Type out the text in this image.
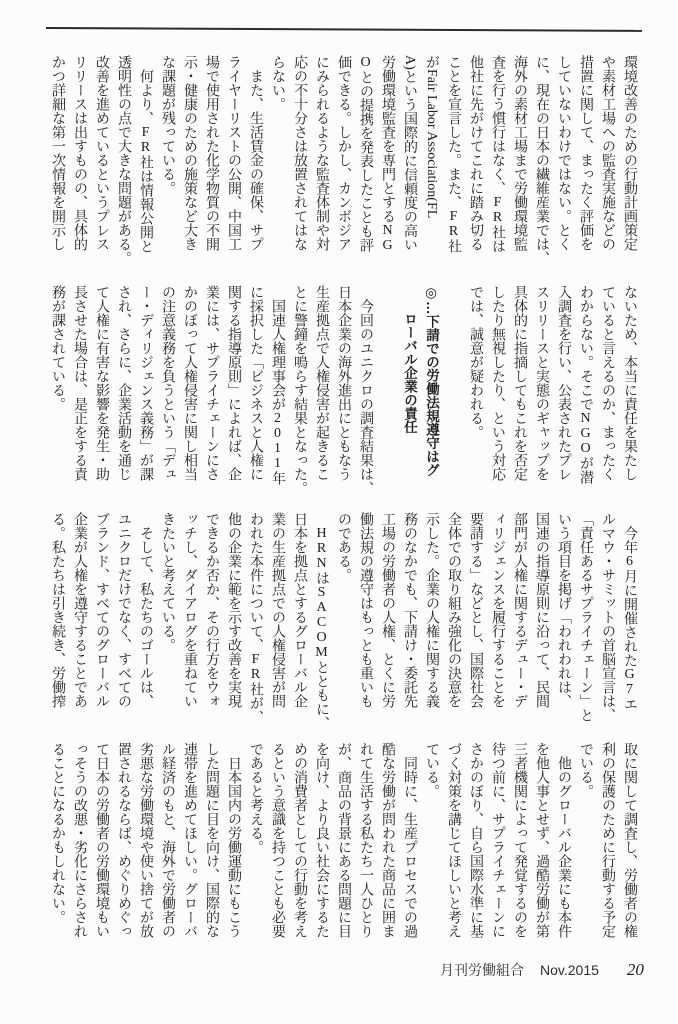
環境改善のための行動計画策定
や素材工場への監査実施などの
措置に関して、まったく評価を
していないわけではない。とく
に、現在の日本の繊維産業では、
海外の素材工場まで労働環境監
査を行う慣行はなく、FR社は
他社に先がけてこれに踏み切る
ことを宣言した。また、FR社
がFair Labor Association(FL
A)という国際的に信頼度の高い
労働環境監査を専門とするNG
Oとの提携を発表したことも評
価できる。しかし、カンボジア
にみられるような監査体制や対
応の不十分さは放置されてはな
らない。
　また、生活賃金の確保、サプ
ライヤーリストの公開、中国工
場で使用された化学物質の不開
示・健康のための施策など大き
な課題が残っている。
　何より、FR社は情報公開と
透明性の点で大きな問題がある。
改善を進めているというプレス
リリースは出すものの、具体的
かつ詳細な第一次情報を開示し
ないため、本当に責任を果たし
ていると言えるのか、まったく
わからない。そこでNGOが潜
入調査を行い、公表されたプレ
スリリースと実態のギャップを
具体的に指摘してもこれを否定
したり無視したり、という対応
では、誠意が疑われる。
◎…下請での労働法規遵守はグ
　　ローバル企業の責任
　今回のユニクロの調査結果は、
日本企業の海外進出にともなう
生産拠点で人権侵害が起きるこ
とに警鐘を鳴らす結果となった。
　国連人権理事会が2011年
に採択した「ビジネスと人権に
関する指導原則」によれば、企
業には、サプライチェーンにさ
かのぼって人権侵害に関し相当
の注意義務を負うという「デュ
ー・ディリジェンス義務」が課
され、さらに、企業活動を通じ
て人権に有害な影響を発生・助
長させた場合は、是正をする責
務が課されている。
　今年6月に開催されたG7エ
ルマウ・サミットの首脳宣言は、
「責任あるサプライチェーン」と
いう項目を掲げ「われわれは、
国連の指導原則に沿って、民間
部門が人権に関するデュー・デ
ィリジェンスを履行することを
要請する」などとし、国際社会
全体での取り組み強化の決意を
示した。企業の人権に関する義
務のなかでも、下請け・委託先
工場の労働者の人権、とくに労
働法規の遵守はもっとも重いも
のである。
　HRNはSACOMとともに、
日本を拠点とするグローバル企
業の生産拠点での人権侵害が問
われた本件について、FR社が、
他の企業に範を示す改善を実現
できるか否か、その行方をウォ
ッチし、ダイアログを重ねてい
きたいと考えている。
　そして、私たちのゴールは、
ユニクロだけでなく、すべての
ブランド、すべてのグローバル
企業が人権を遵守することであ
る。私たちは引き続き、労働搾
取に関して調査し、労働者の権
利の保護のために行動する予定
でいる。
　他のグローバル企業にも本件
を他人事とせず、過酷労働が第
三者機関によって発覚するのを
待つ前に、サプライチェーンに
さかのぼり、自ら国際水準に基
づく対策を講じてほしいと考え
ている。
　同時に、生産プロセスでの過
酷な労働が問われた商品に囲ま
れて生活する私たち一人ひとり
が、商品の背景にある問題に目
を向け、より良い社会にするた
めの消費者としての行動を考え
るという意識を持つことも必要
であると考える。
　日本国内の労働運動にもこう
した問題に目を向け、国際的な
連帯を進めてほしい。グローバ
ル経済のもと、海外で労働者の
劣悪な労働環境や使い捨てが放
置されるならば、めぐりめぐっ
て日本の労働者の労働環境もい
っそうの改悪・劣化にさらされ
ることになるかもしれない。
月刊労働組合 Nov.2015 20
